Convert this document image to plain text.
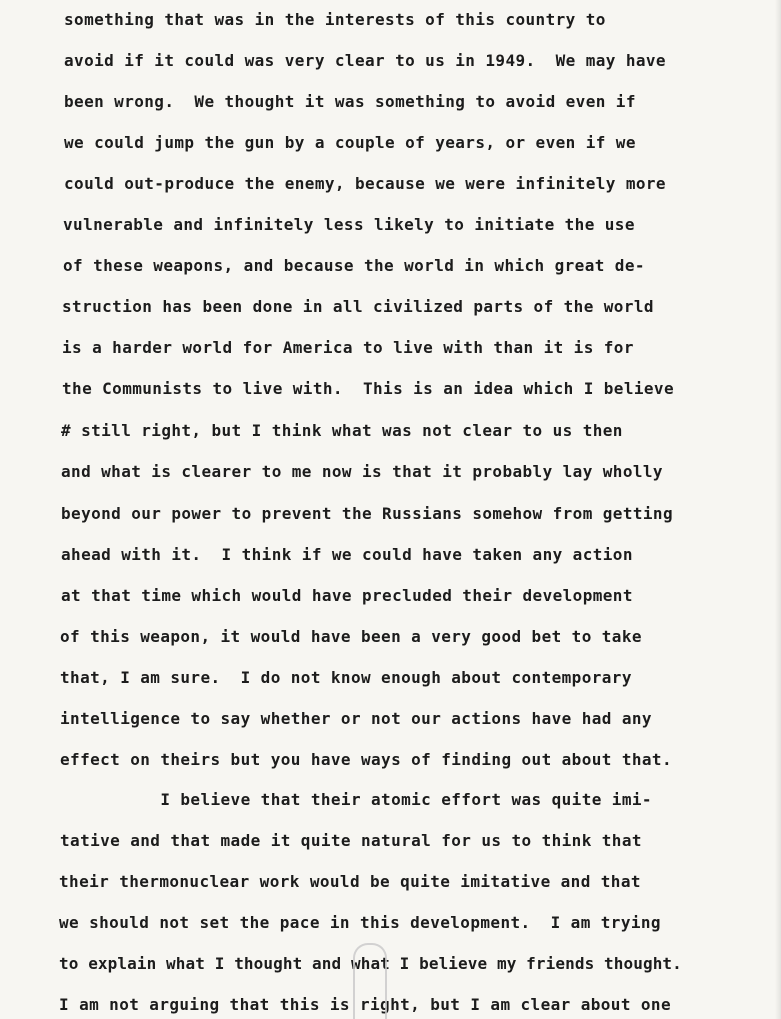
something that was in the interests of this country to
avoid if it could was very clear to us in 1949.  We may have
been wrong.  We thought it was something to avoid even if
we could jump the gun by a couple of years, or even if we
could out-produce the enemy, because we were infinitely more
vulnerable and infinitely less likely to initiate the use
of these weapons, and because the world in which great de-
struction has been done in all civilized parts of the world
is a harder world for America to live with than it is for
the Communists to live with.  This is an idea which I believe
# still right, but I think what was not clear to us then
and what is clearer to me now is that it probably lay wholly
beyond our power to prevent the Russians somehow from getting
ahead with it.  I think if we could have taken any action
at that time which would have precluded their development
of this weapon, it would have been a very good bet to take
that, I am sure.  I do not know enough about contemporary
intelligence to say whether or not our actions have had any
effect on theirs but you have ways of finding out about that.
I believe that their atomic effort was quite imi-
tative and that made it quite natural for us to think that
their thermonuclear work would be quite imitative and that
we should not set the pace in this development.  I am trying
to explain what I thought and what I believe my friends thought.
I am not arguing that this is right, but I am clear about one
